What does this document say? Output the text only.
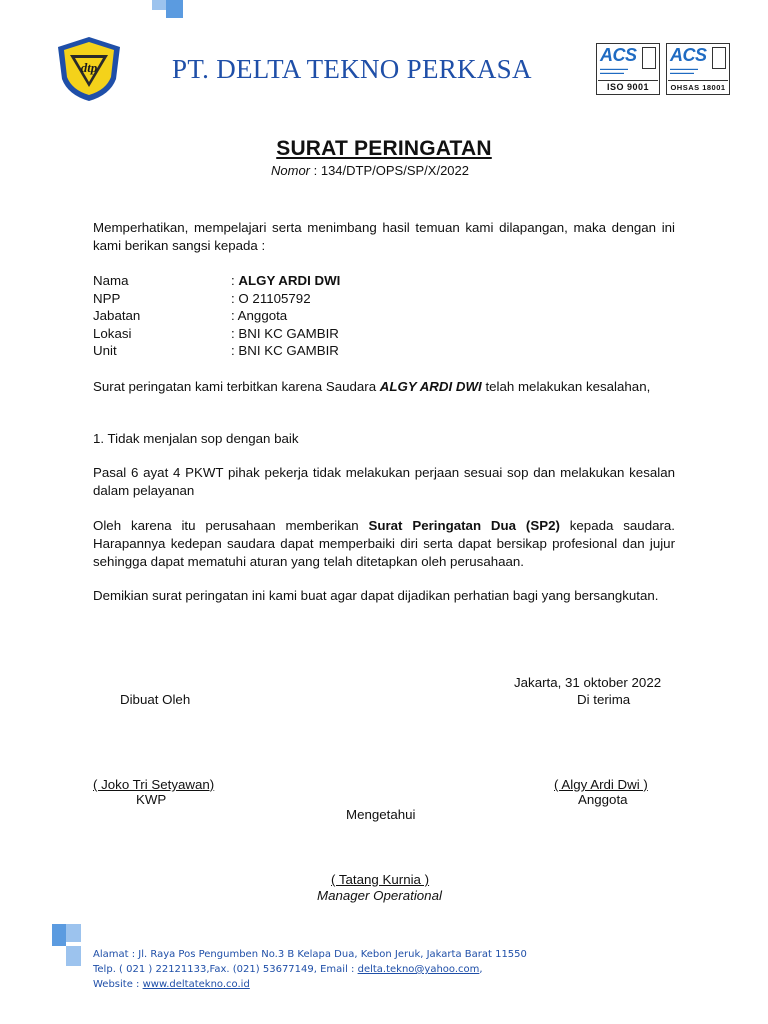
dtp	PT. DELTA TEKNO PERKASA	ACS
▬▬▬▬▬▬▬
▬▬▬▬▬▬
ISO 9001
ACS
▬▬▬▬▬▬▬
▬▬▬▬▬▬
OHSAS 18001
SURAT PERINGATAN
Nomor : 134/DTP/OPS/SP/X/2022
Memperhatikan, mempelajari serta menimbang hasil temuan kami dilapangan, maka dengan ini kami berikan sangsi kepada :
Nama	: ALGY ARDI DWI
NPP	: O 21105792
Jabatan	: Anggota
Lokasi	: BNI KC GAMBIR
Unit	: BNI KC GAMBIR
Surat peringatan kami terbitkan karena Saudara ALGY ARDI DWI telah melakukan kesalahan,
1. Tidak menjalan sop dengan baik
Pasal 6 ayat 4 PKWT pihak pekerja tidak melakukan perjaan sesuai sop dan melakukan kesalan dalam pelayanan
Oleh karena itu perusahaan memberikan Surat Peringatan Dua (SP2) kepada saudara. Harapannya kedepan saudara dapat memperbaiki diri serta dapat bersikap profesional dan jujur sehingga dapat mematuhi aturan yang telah ditetapkan oleh perusahaan.
Demikian surat peringatan ini kami buat agar dapat dijadikan perhatian bagi yang bersangkutan.
Jakarta, 31 oktober 2022
Dibuat Oleh	Di terima
( Joko Tri Setyawan)
KWP
( Algy Ardi Dwi )
Anggota
Mengetahui
( Tatang Kurnia )
Manager Operational
Alamat : Jl. Raya Pos Pengumben No.3 B Kelapa Dua, Kebon Jeruk, Jakarta Barat 11550
Telp. ( 021 ) 22121133,Fax. (021) 53677149, Email : delta.tekno@yahoo.com,
Website : www.deltatekno.co.id
